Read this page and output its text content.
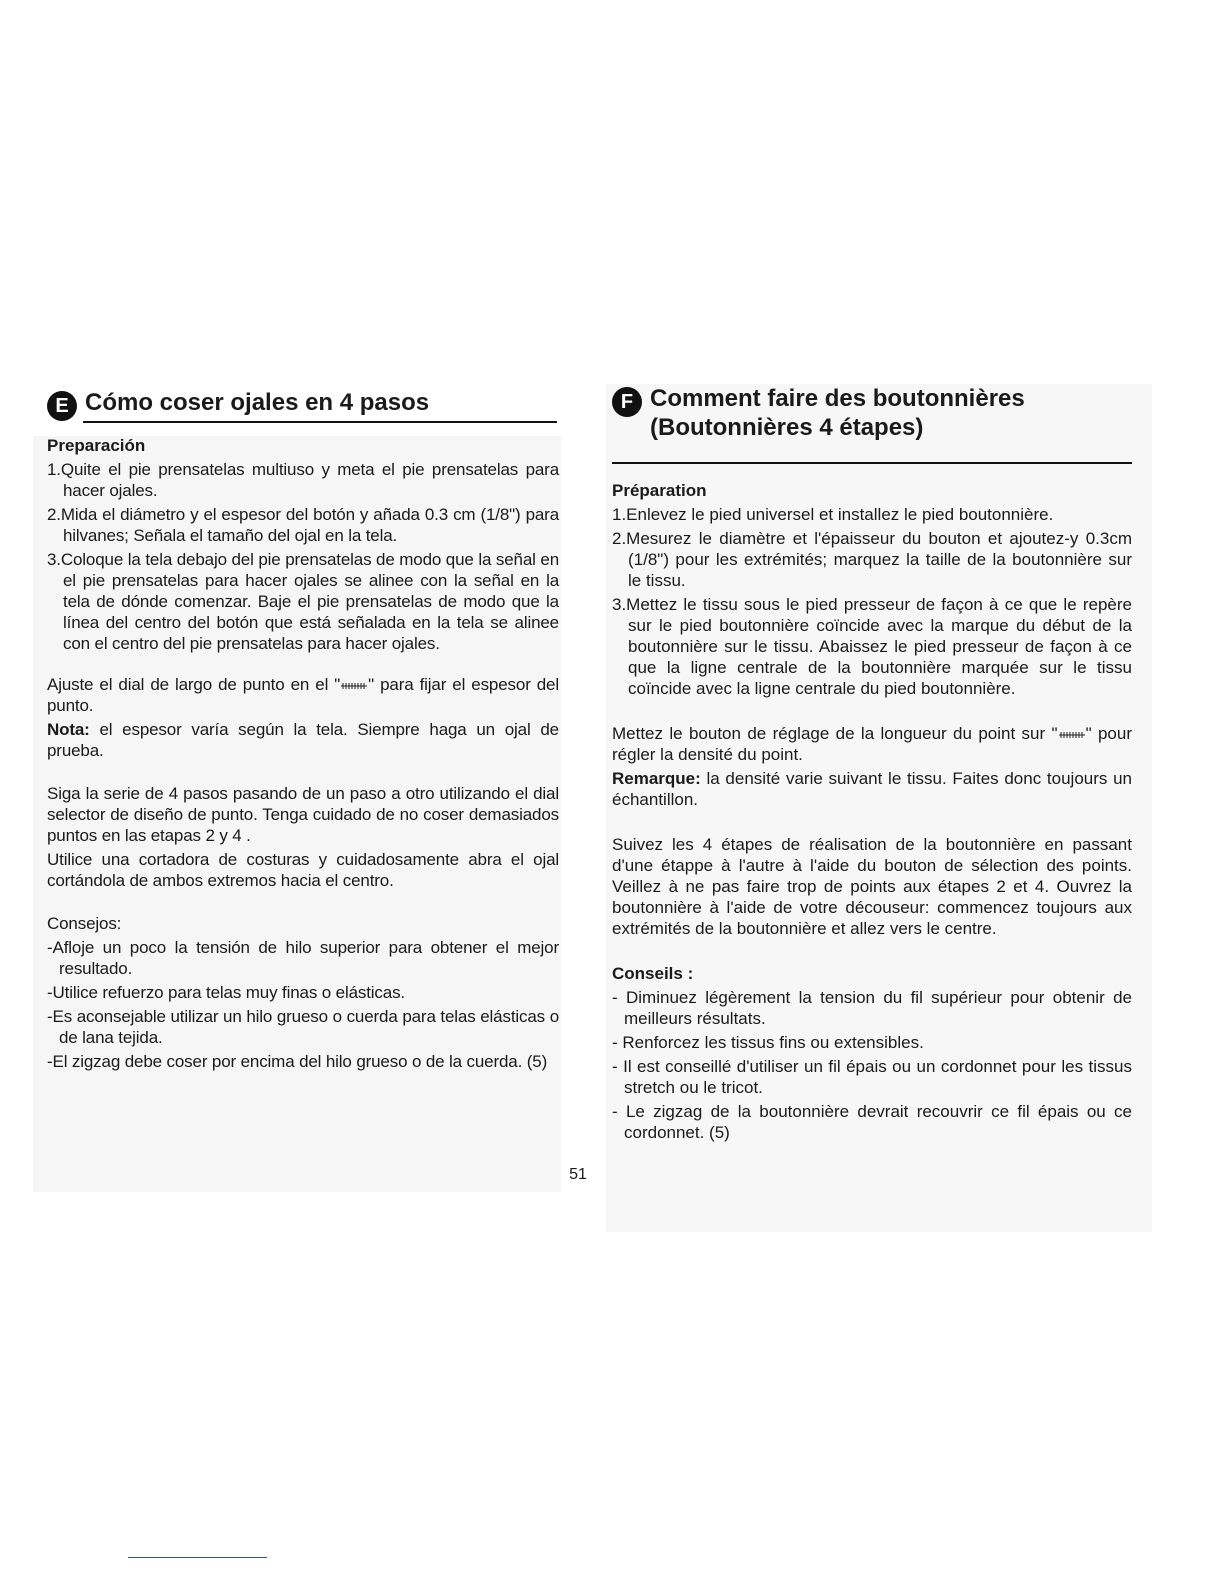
E Cómo coser ojales en 4 pasos
Preparación
1.Quite el pie prensatelas multiuso y meta el pie prensatelas para hacer ojales.
2.Mida el diámetro y el espesor del botón y añada 0.3 cm (1/8") para hilvanes; Señala el tamaño del ojal en la tela.
3.Coloque la tela debajo del pie prensatelas de modo que la señal en el pie prensatelas para hacer ojales se alinee con la señal en la tela de dónde comenzar. Baje el pie prensatelas de modo que la línea del centro del botón que está señalada en la tela se alinee con el centro del pie prensatelas para hacer ojales.

Ajuste el dial de largo de punto en el " " para fijar el espesor del punto.

Nota: el espesor varía según la tela. Siempre haga un ojal de prueba.

Siga la serie de 4 pasos pasando de un paso a otro utilizando el dial selector de diseño de punto. Tenga cuidado de no coser demasiados puntos en las etapas 2 y 4 .

Utilice una cortadora de costuras y cuidadosamente abra el ojal cortándola de ambos extremos hacia el centro.

Consejos:

-Afloje un poco la tensión de hilo superior para obtener el mejor resultado.
-Utilice refuerzo para telas muy finas o elásticas.
-Es aconsejable utilizar un hilo grueso o cuerda para telas elásticas o de lana tejida.
-El zigzag debe coser por encima del hilo grueso o de la cuerda. (5)
F Comment faire des boutonnières
(Boutonnières 4 étapes)
Préparation
1.Enlevez le pied universel et installez le pied boutonnière.
2.Mesurez le diamètre et l'épaisseur du bouton et ajoutez-y 0.3cm (1/8") pour les extrémités; marquez la taille de la boutonnière sur le tissu.
3.Mettez le tissu sous le pied presseur de façon à ce que le repère sur le pied boutonnière coïncide avec la marque du début de la boutonnière sur le tissu. Abaissez le pied presseur de façon à ce que la ligne centrale de la boutonnière marquée sur le tissu coïncide avec la ligne centrale du pied boutonnière.

Mettez le bouton de réglage de la longueur du point sur " " pour régler la densité du point.

Remarque: la densité varie suivant le tissu. Faites donc toujours un échantillon.

Suivez les 4 étapes de réalisation de la boutonnière en passant d'une étappe à l'autre à l'aide du bouton de sélection des points. Veillez à ne pas faire trop de points aux étapes 2 et 4. Ouvrez la boutonnière à l'aide de votre découseur: commencez toujours aux extrémités de la boutonnière et allez vers le centre.

Conseils :
- Diminuez légèrement la tension du fil supérieur pour obtenir de meilleurs résultats.
- Renforcez les tissus fins ou extensibles.
- Il est conseillé d'utiliser un fil épais ou un cordonnet pour les tissus stretch ou le tricot.
- Le zigzag de la boutonnière devrait recouvrir ce fil épais ou ce cordonnet. (5)
51
